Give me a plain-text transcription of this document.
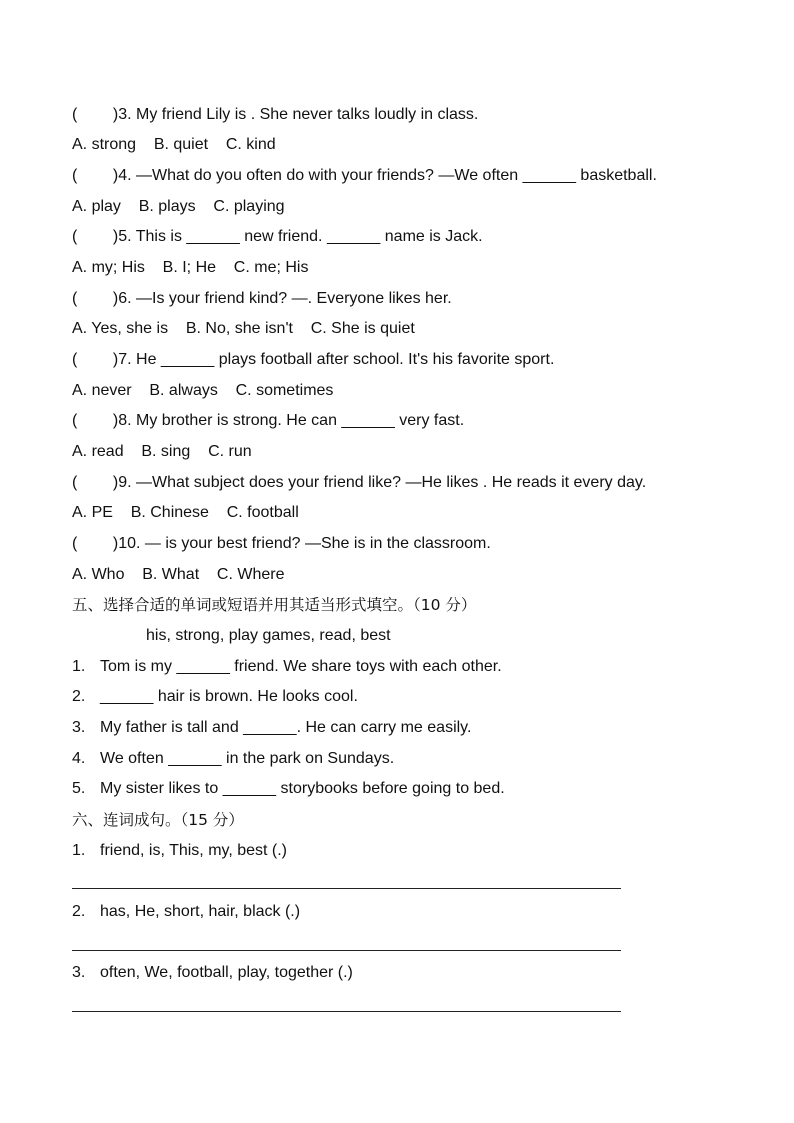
(        )3. My friend Lily is . She never talks loudly in class.
A. strong    B. quiet    C. kind
(        )4. —What do you often do with your friends? —We often ______ basketball.
A. play    B. plays    C. playing
(        )5. This is ______ new friend. ______ name is Jack.
A. my; His    B. I; He    C. me; His
(        )6. —Is your friend kind? —. Everyone likes her.
A. Yes, she is    B. No, she isn't    C. She is quiet
(        )7. He ______ plays football after school. It's his favorite sport.
A. never    B. always    C. sometimes
(        )8. My brother is strong. He can ______ very fast.
A. read    B. sing    C. run
(        )9. —What subject does your friend like? —He likes . He reads it every day.
A. PE    B. Chinese    C. football
(        )10. — is your best friend? —She is in the classroom.
A. Who    B. What    C. Where
五、选择合适的单词或短语并用其适当形式填空。（10 分）
his, strong, play games, read, best
1. Tom is my ______ friend. We share toys with each other.
2. ______ hair is brown. He looks cool.
3. My father is tall and ______. He can carry me easily.
4. We often ______ in the park on Sundays.
5. My sister likes to ______ storybooks before going to bed.
六、连词成句。（15 分）
1. friend, is, This, my, best (.)
2. has, He, short, hair, black (.)
3. often, We, football, play, together (.)
